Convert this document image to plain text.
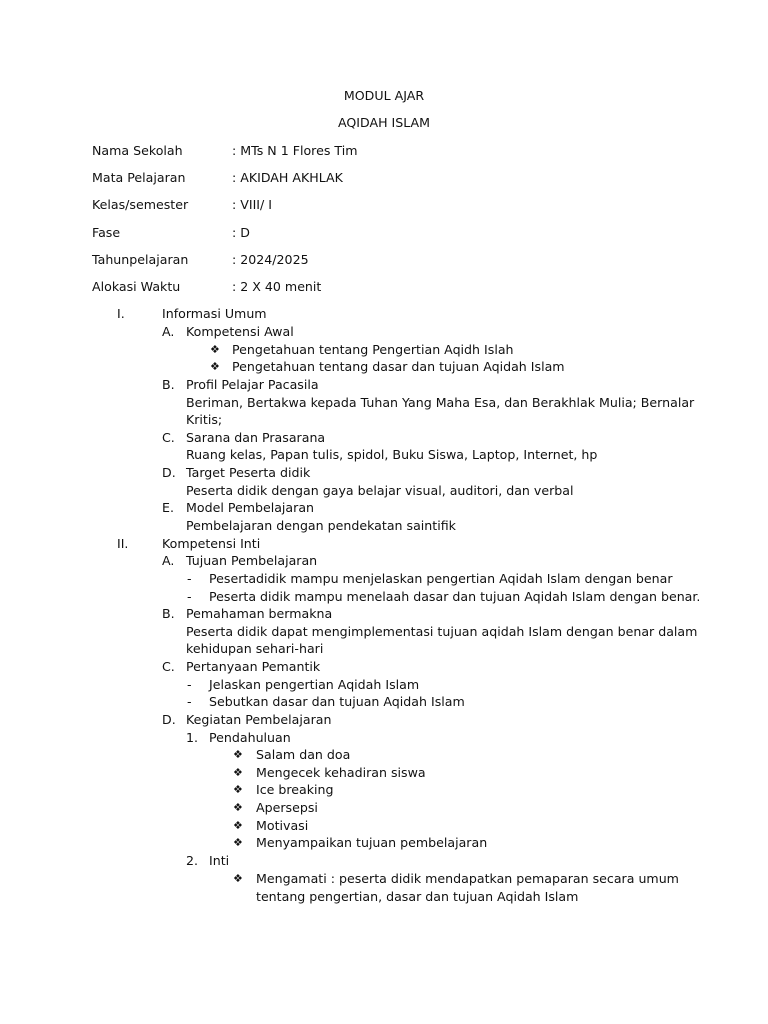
MODUL AJAR
AQIDAH ISLAM
Nama Sekolah	: MTs N 1 Flores Tim
Mata Pelajaran	: AKIDAH AKHLAK
Kelas/semester	: VIII/ I
Fase	: D
Tahunpelajaran	: 2024/2025
Alokasi Waktu	: 2 X 40 menit
I.	Informasi Umum
A. Kompetensi Awal
❖ Pengetahuan tentang Pengertian Aqidh Islah
❖ Pengetahuan tentang dasar dan tujuan Aqidah Islam
B. Profil Pelajar Pacasila
Beriman, Bertakwa kepada Tuhan Yang Maha Esa, dan Berakhlak Mulia; Bernalar
Kritis;
C. Sarana dan Prasarana
Ruang kelas, Papan tulis, spidol, Buku Siswa, Laptop, Internet, hp
D. Target Peserta didik
Peserta didik dengan gaya belajar visual, auditori, dan verbal
E. Model Pembelajaran
Pembelajaran dengan pendekatan saintifik
II.	Kompetensi Inti
A. Tujuan Pembelajaran
- Pesertadidik mampu menjelaskan pengertian Aqidah Islam dengan benar
- Peserta didik mampu menelaah dasar dan tujuan Aqidah Islam dengan benar.
B. Pemahaman bermakna
Peserta didik dapat mengimplementasi tujuan aqidah Islam dengan benar dalam
kehidupan sehari-hari
C. Pertanyaan Pemantik
- Jelaskan pengertian Aqidah Islam
- Sebutkan dasar dan tujuan Aqidah Islam
D. Kegiatan Pembelajaran
1. Pendahuluan
❖ Salam dan doa
❖ Mengecek kehadiran siswa
❖ Ice breaking
❖ Apersepsi
❖ Motivasi
❖ Menyampaikan tujuan pembelajaran
2. Inti
❖ Mengamati : peserta didik mendapatkan pemaparan secara umum
tentang pengertian, dasar dan tujuan Aqidah Islam
